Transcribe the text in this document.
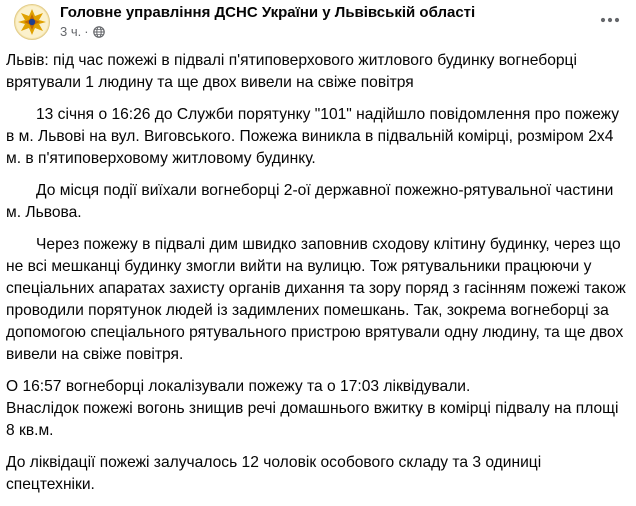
Головне управління ДСНС України у Львівській області
3 ч. ·

Львів: під час пожежі в підвалі п'ятиповерхового житлового будинку вогнеборці врятували 1 людину та ще двох вивели на свіже повітря

13 січня о 16:26 до Служби порятунку "101" надійшло повідомлення про пожежу в м. Львові на вул. Виговського. Пожежа виникла в підвальній комірці, розміром 2х4 м. в п'ятиповерховому житловому будинку.

До місця події виїхали вогнеборці 2-ої державної пожежно-рятувальної частини м. Львова.

Через пожежу в підвалі дим швидко заповнив сходову клітину будинку, через що не всі мешканці будинку змогли вийти на вулицю. Тож рятувальники працюючи у спеціальних апаратах захисту органів дихання та зору поряд з гасінням пожежі також проводили порятунок людей із задимлених помешкань. Так, зокрема вогнеборці за допомогою спеціального рятувального пристрою врятували одну людину, та ще двох вивели на свіже повітря.

О 16:57 вогнеборці локалізували пожежу та о 17:03 ліквідували.

Внаслідок пожежі вогонь знищив речі домашнього вжитку в комірці підвалу на площі 8 кв.м.

До ліквідації пожежі залучалось 12 чоловік особового складу та 3 одиниці спецтехніки.
